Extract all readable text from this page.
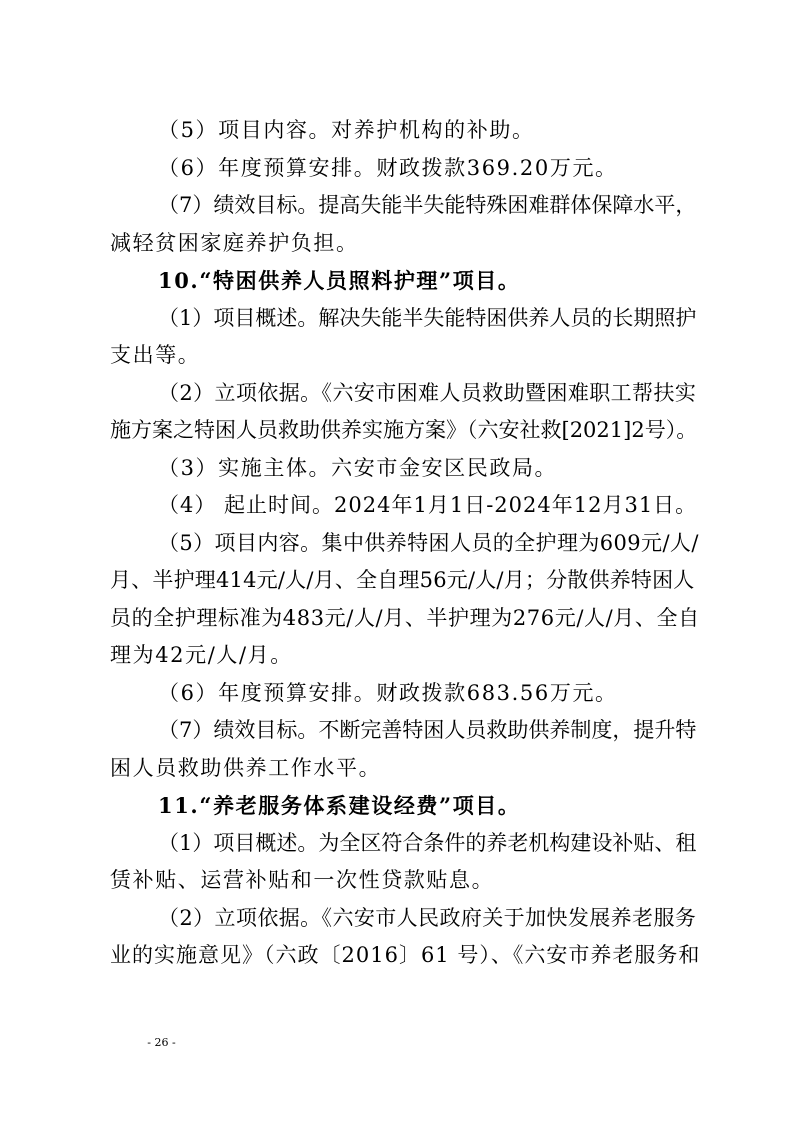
（5）项目内容。对养护机构的补助。
（6）年度预算安排。财政拨款369.20万元。
（7）绩效目标。提高失能半失能特殊困难群体保障水平，
减轻贫困家庭养护负担。
10.“特困供养人员照料护理”项目。
（1）项目概述。解决失能半失能特困供养人员的长期照护
支出等。
（2）立项依据。《六安市困难人员救助暨困难职工帮扶实
施方案之特困人员救助供养实施方案》（六安社救[2021]2号）。
（3）实施主体。六安市金安区民政局。
（4） 起止时间。2024年1月1日-2024年12月31日。
（5）项目内容。集中供养特困人员的全护理为609元/人/
月、半护理414元/人/月、全自理56元/人/月；分散供养特困人
员的全护理标准为483元/人/月、半护理为276元/人/月、全自
理为42元/人/月。
（6）年度预算安排。财政拨款683.56万元。
（7）绩效目标。不断完善特困人员救助供养制度，提升特
困人员救助供养工作水平。
11.“养老服务体系建设经费”项目。
（1）项目概述。为全区符合条件的养老机构建设补贴、租
赁补贴、运营补贴和一次性贷款贴息。
（2）立项依据。《六安市人民政府关于加快发展养老服务
业的实施意见》（六政〔2016〕61 号）、《六安市养老服务和
- 26 -
